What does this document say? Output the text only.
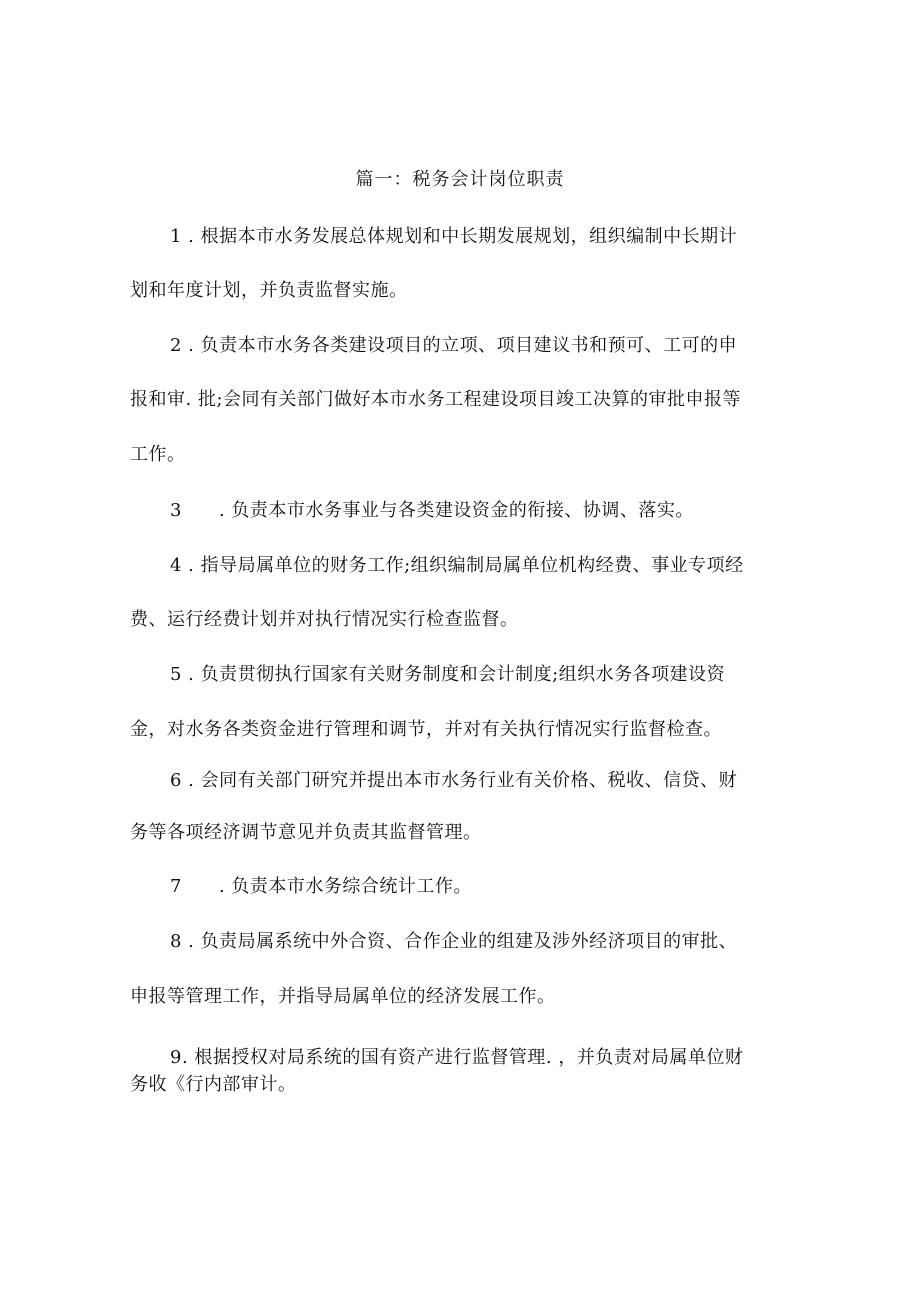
篇一：税务会计岗位职责
1 . 根据本市水务发展总体规划和中长期发展规划，组织编制中长期计
划和年度计划，并负责监督实施。
2 . 负责本市水务各类建设项目的立项、项目建议书和预可、工可的申
报和审. 批;会同有关部门做好本市水务工程建设项目竣工决算的审批申报等
工作。
3　　. 负责本市水务事业与各类建设资金的衔接、协调、落实。
4 . 指导局属单位的财务工作;组织编制局属单位机构经费、事业专项经
费、运行经费计划并对执行情况实行检查监督。
5 . 负责贯彻执行国家有关财务制度和会计制度;组织水务各项建设资
金，对水务各类资金进行管理和调节，并对有关执行情况实行监督检查。
6 . 会同有关部门研究并提出本市水务行业有关价格、税收、信贷、财
务等各项经济调节意见并负责其监督管理。
7　　. 负责本市水务综合统计工作。
8 . 负责局属系统中外合资、合作企业的组建及涉外经济项目的审批、
申报等管理工作，并指导局属单位的经济发展工作。
9. 根据授权对局系统的国有资产进行监督管理. ，并负责对局属单位财
务收《行内部审计。
